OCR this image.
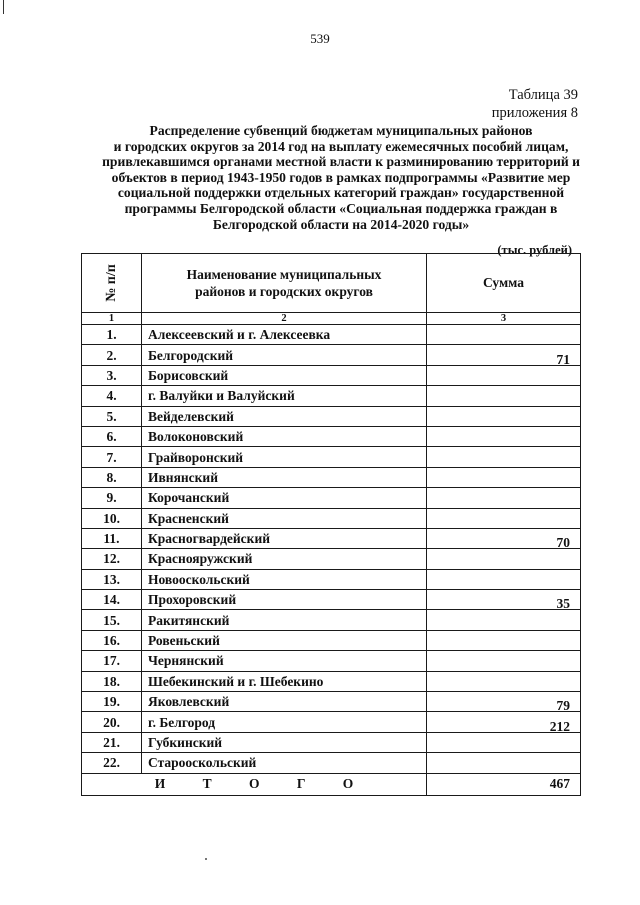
539
Таблица 39
приложения 8
Распределение субвенций бюджетам муниципальных районов
и городских округов за 2014 год на выплату ежемесячных пособий лицам,
привлекавшимся органами местной власти к разминированию территорий и
объектов в период 1943-1950 годов в рамках подпрограммы «Развитие мер
социальной поддержки отдельных категорий граждан» государственной
программы Белгородской области «Социальная поддержка граждан в
Белгородской области на 2014-2020 годы»
(тыс. рублей)
№ п/п	Наименование муниципальных
районов и городских округов	Сумма
1	2	3
1.	Алексеевский и г. Алексеевка	
2.	Белгородский	71
3.	Борисовский	
4.	г. Валуйки и Валуйский	
5.	Вейделевский	
6.	Волоконовский	
7.	Грайворонский	
8.	Ивнянский	
9.	Корочанский	
10.	Красненский	
11.	Красногвардейский	70
12.	Краснояружский	
13.	Новооскольский	
14.	Прохоровский	35
15.	Ракитянский	
16.	Ровеньский	
17.	Чернянский	
18.	Шебекинский и г. Шебекино	
19.	Яковлевский	79
20.	г. Белгород	212
21.	Губкинский	
22.	Старооскольский	
И Т О Г О		467
